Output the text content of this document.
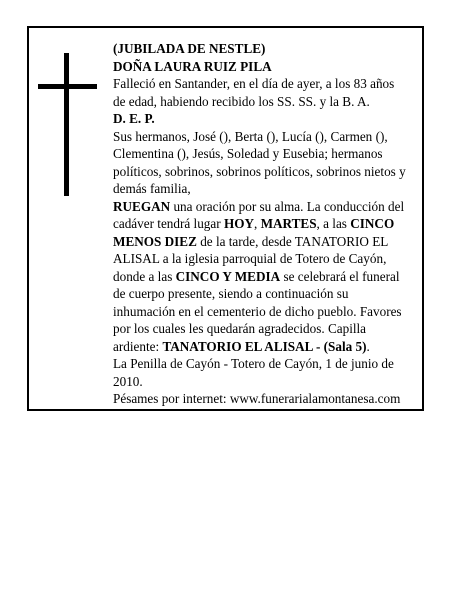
(JUBILADA DE NESTLE)
DOÑA LAURA RUIZ PILA
Falleció en Santander, en el día de ayer, a los 83 años
de edad, habiendo recibido los SS. SS. y la B. A.
D. E. P.
Sus hermanos, José (), Berta (), Lucía (), Carmen (),
Clementina (), Jesús, Soledad y Eusebia; hermanos
políticos, sobrinos, sobrinos políticos, sobrinos nietos y
demás familia,
RUEGAN una oración por su alma. La conducción del
cadáver tendrá lugar HOY, MARTES, a las CINCO
MENOS DIEZ de la tarde, desde TANATORIO EL
ALISAL a la iglesia parroquial de Totero de Cayón,
donde a las CINCO Y MEDIA se celebrará el funeral
de cuerpo presente, siendo a continuación su
inhumación en el cementerio de dicho pueblo. Favores
por los cuales les quedarán agradecidos. Capilla
ardiente: TANATORIO EL ALISAL - (Sala 5).
La Penilla de Cayón - Totero de Cayón, 1 de junio de
2010.
Pésames por internet: www.funerarialamontanesa.com
